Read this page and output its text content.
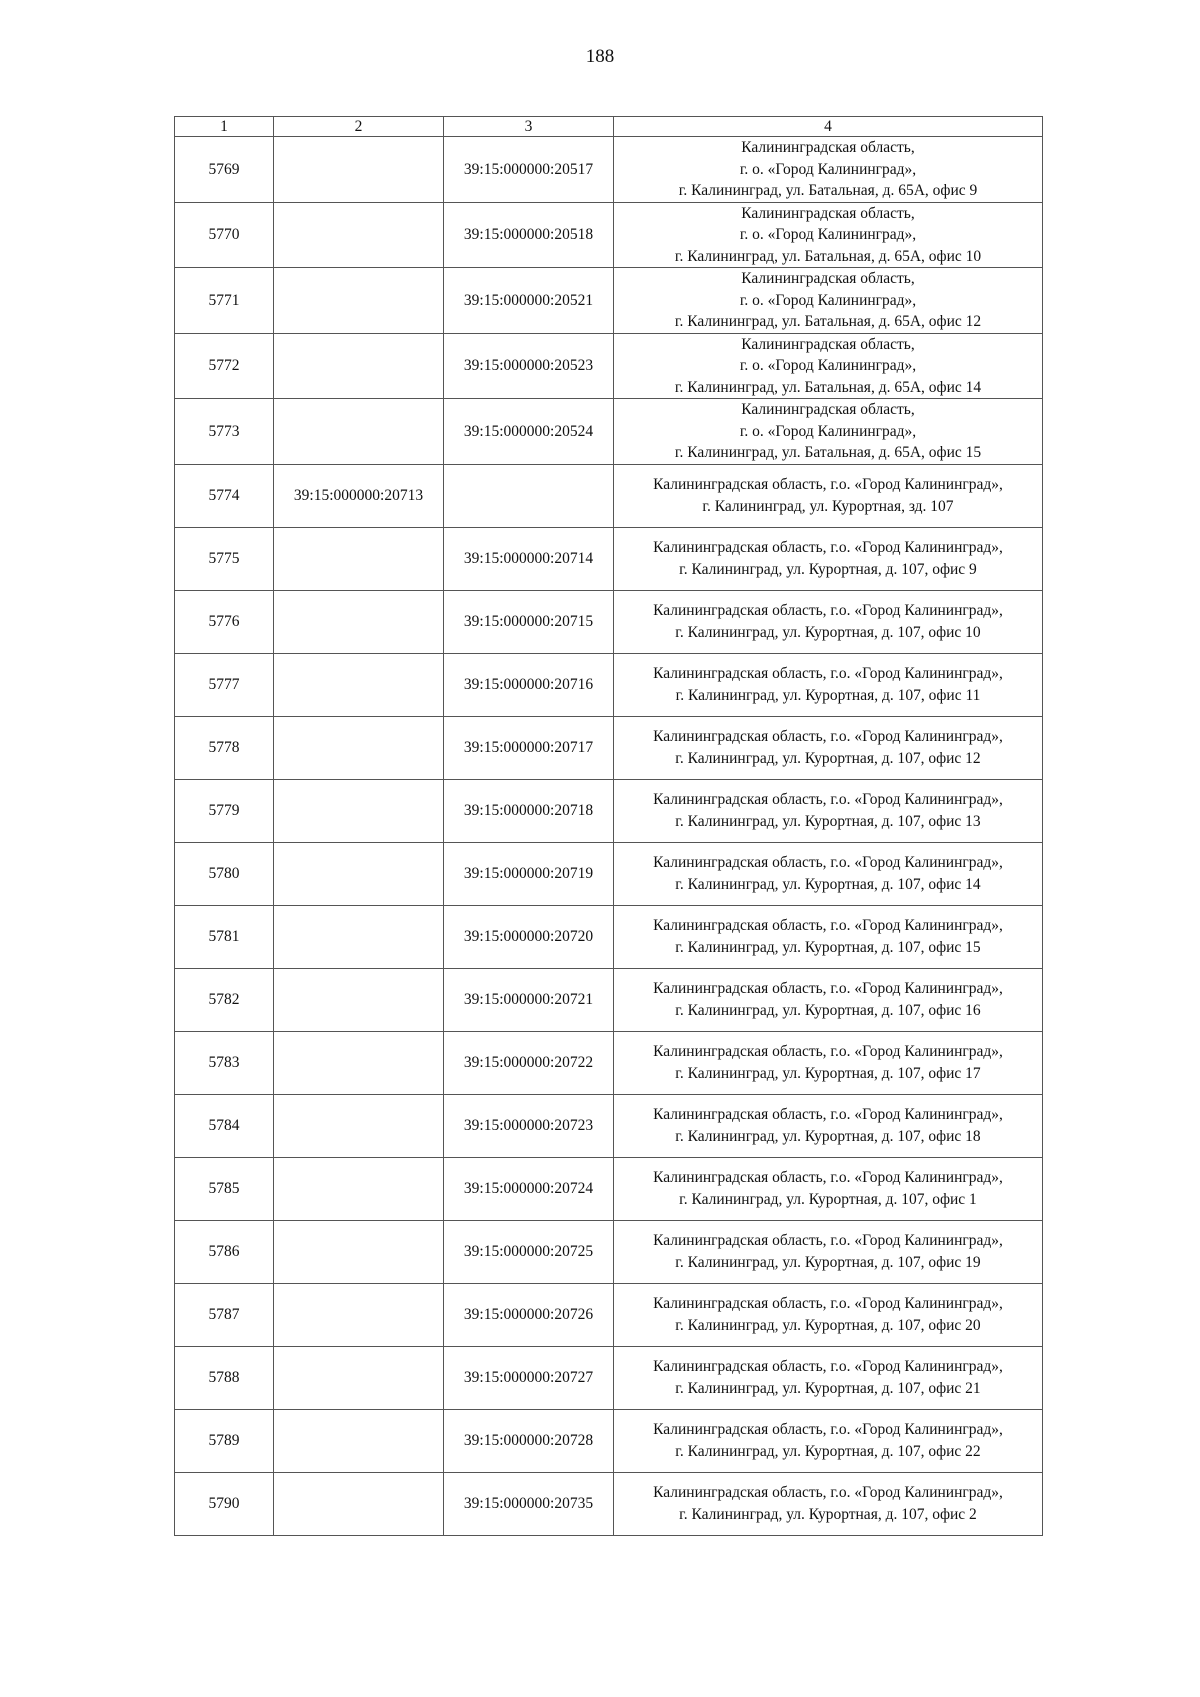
188
1	2	3	4
5769		39:15:000000:20517	Калининградская область,
г. о. «Город Калининград»,
г. Калининград, ул. Батальная, д. 65А, офис 9

5770		39:15:000000:20518	Калининградская область,
г. о. «Город Калининград»,
г. Калининград, ул. Батальная, д. 65А, офис 10

5771		39:15:000000:20521	Калининградская область,
г. о. «Город Калининград»,
г. Калининград, ул. Батальная, д. 65А, офис 12

5772		39:15:000000:20523	Калининградская область,
г. о. «Город Калининград»,
г. Калининград, ул. Батальная, д. 65А, офис 14

5773		39:15:000000:20524	Калининградская область,
г. о. «Город Калининград»,
г. Калининград, ул. Батальная, д. 65А, офис 15

5774	39:15:000000:20713		Калининградская область, г.о. «Город Калининград»,
г. Калининград, ул. Курортная, зд. 107

5775		39:15:000000:20714	Калининградская область, г.о. «Город Калининград»,
г. Калининград, ул. Курортная, д. 107, офис 9

5776		39:15:000000:20715	Калининградская область, г.о. «Город Калининград»,
г. Калининград, ул. Курортная, д. 107, офис 10

5777		39:15:000000:20716	Калининградская область, г.о. «Город Калининград»,
г. Калининград, ул. Курортная, д. 107, офис 11

5778		39:15:000000:20717	Калининградская область, г.о. «Город Калининград»,
г. Калининград, ул. Курортная, д. 107, офис 12

5779		39:15:000000:20718	Калининградская область, г.о. «Город Калининград»,
г. Калининград, ул. Курортная, д. 107, офис 13

5780		39:15:000000:20719	Калининградская область, г.о. «Город Калининград»,
г. Калининград, ул. Курортная, д. 107, офис 14

5781		39:15:000000:20720	Калининградская область, г.о. «Город Калининград»,
г. Калининград, ул. Курортная, д. 107, офис 15

5782		39:15:000000:20721	Калининградская область, г.о. «Город Калининград»,
г. Калининград, ул. Курортная, д. 107, офис 16

5783		39:15:000000:20722	Калининградская область, г.о. «Город Калининград»,
г. Калининград, ул. Курортная, д. 107, офис 17

5784		39:15:000000:20723	Калининградская область, г.о. «Город Калининград»,
г. Калининград, ул. Курортная, д. 107, офис 18

5785		39:15:000000:20724	Калининградская область, г.о. «Город Калининград»,
г. Калининград, ул. Курортная, д. 107, офис 1

5786		39:15:000000:20725	Калининградская область, г.о. «Город Калининград»,
г. Калининград, ул. Курортная, д. 107, офис 19

5787		39:15:000000:20726	Калининградская область, г.о. «Город Калининград»,
г. Калининград, ул. Курортная, д. 107, офис 20

5788		39:15:000000:20727	Калининградская область, г.о. «Город Калининград»,
г. Калининград, ул. Курортная, д. 107, офис 21

5789		39:15:000000:20728	Калининградская область, г.о. «Город Калининград»,
г. Калининград, ул. Курортная, д. 107, офис 22

5790		39:15:000000:20735	Калининградская область, г.о. «Город Калининград»,
г. Калининград, ул. Курортная, д. 107, офис 2
